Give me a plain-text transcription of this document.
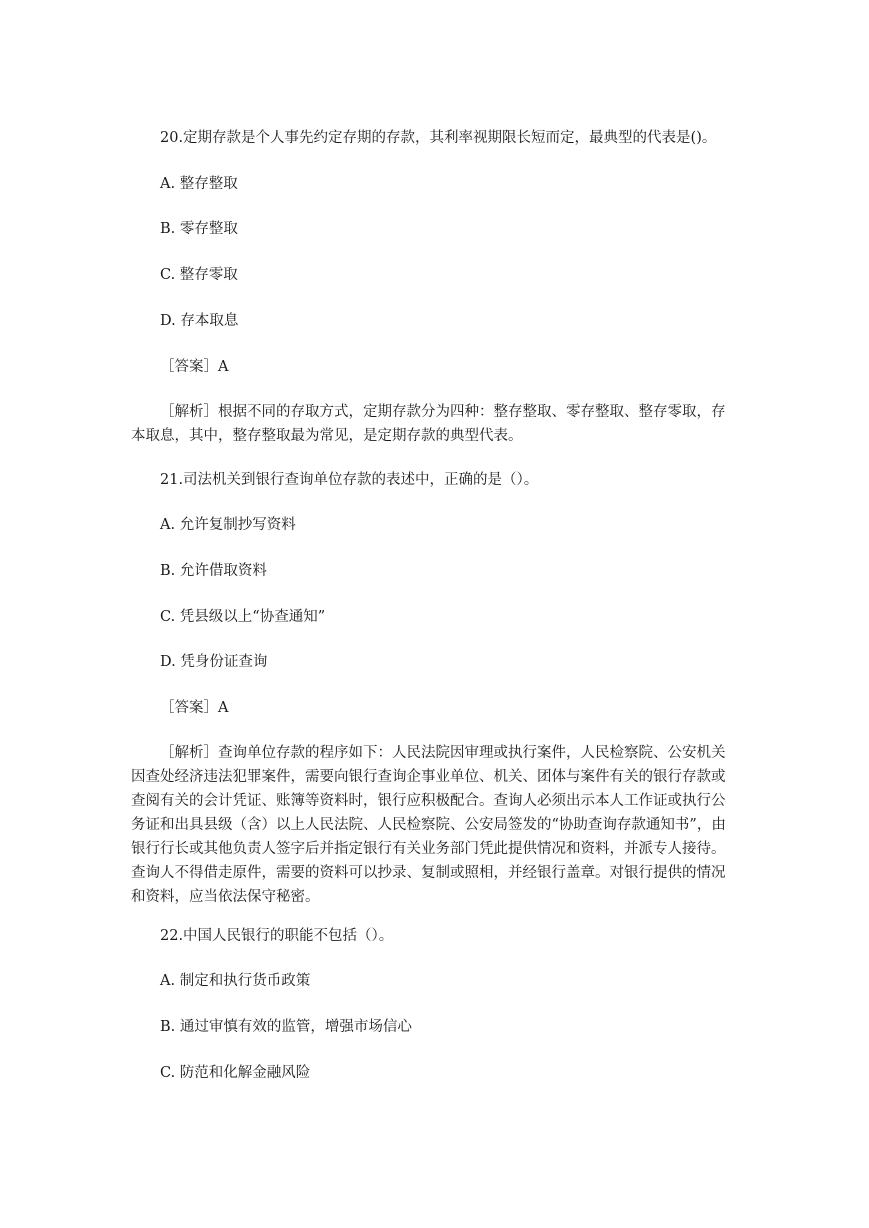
20.定期存款是个人事先约定存期的存款，其利率视期限长短而定，最典型的代表是()。
A. 整存整取
B. 零存整取
C. 整存零取
D. 存本取息
［答案］A
［解析］根据不同的存取方式，定期存款分为四种：整存整取、零存整取、整存零取，存本取息，其中，整存整取最为常见，是定期存款的典型代表。
21.司法机关到银行查询单位存款的表述中，正确的是（）。
A. 允许复制抄写资料
B. 允许借取资料
C. 凭县级以上“协查通知”
D. 凭身份证查询
［答案］A
［解析］查询单位存款的程序如下：人民法院因审理或执行案件，人民检察院、公安机关因查处经济违法犯罪案件，需要向银行查询企事业单位、机关、团体与案件有关的银行存款或查阅有关的会计凭证、账簿等资料时，银行应积极配合。查询人必须出示本人工作证或执行公务证和出具县级（含）以上人民法院、人民检察院、公安局签发的“协助查询存款通知书”，由银行行长或其他负责人签字后并指定银行有关业务部门凭此提供情况和资料，并派专人接待。查询人不得借走原件，需要的资料可以抄录、复制或照相，并经银行盖章。对银行提供的情况和资料，应当依法保守秘密。
22.中国人民银行的职能不包括（）。
A. 制定和执行货币政策
B. 通过审慎有效的监管，增强市场信心
C. 防范和化解金融风险
